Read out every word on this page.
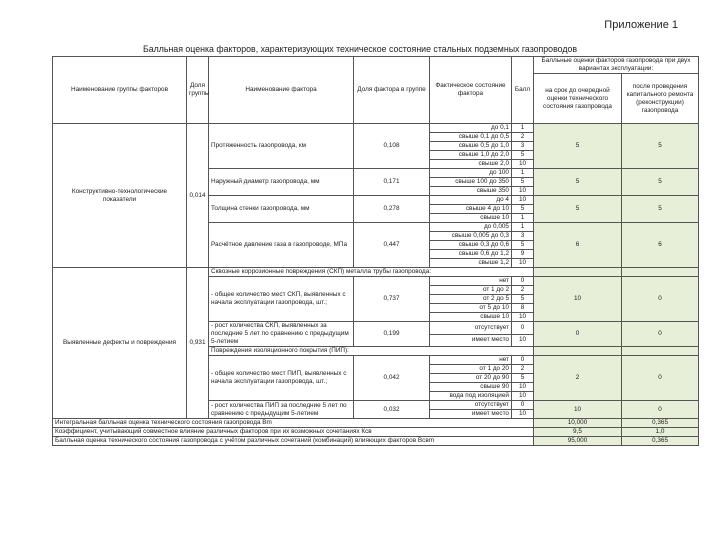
Приложение 1
Балльная оценка факторов, характеризующих техническое состояние стальных подземных газопроводов
Наименование группы факторов	Доля группы	Наименование фактора	Доля фактора в группе	Фактическое состояние фактора	Балл	Балльные оценки факторов газопровода при двух вариантах эксплуатации:	
						на срок до очередной оценки технического состояния газопровода	после проведения капитального ремонта (реконструкции) газопровода
Конструктивно-технологические показатели	0,014	Протяженность газопровода, км	0,108	до 0,1	1	5	5
				свыше 0,1 до 0,5	2		
				свыше 0,5 до 1,0	3		
				свыше 1,0 до 2,0	5		
				свыше 2,0	10		
		Наружный диаметр газопровода, мм	0,171	до 100	1	5	5
				свыше 100 до 350	5		
				свыше 350	10		
		Толщина стенки газопровода, мм	0,278	до 4	10	5	5
				свыше 4 до 10	5		
				свыше 10	1		
		Расчётное давление газа в газопроводе, МПа	0,447	до 0,005	1	6	6
				свыше 0,005 до 0,3	3		
				свыше 0,3 до 0,6	5		
				свыше 0,6 до 1,2	9		
				свыше 1,2	10		
Выявленные дефекты и повреждения	0,931	Сквозные коррозионные повреждения (СКП) металла трубы газопровода:					
		- общее количество мест СКП, выявленных с начала эксплуатации газопровода, шт.;	0,737	нет	0	10	0
				от 1 до 2	2		
				от 2 до 5	5		
				от 5 до 10	8		
				свыше 10	10		
		- рост количества СКП, выявленных за последние 5 лет по сравнению с предыдущим 5-летием	0,199	отсутствует	0	0	0
				имеет место	10		
		Повреждения изоляционного покрытия (ПИП):					
		- общее количество мест ПИП, выявленных с начала эксплуатации газопровода, шт.;	0,042	нет	0	2	0
				от 1 до 20	2		
				от 20 до 90	5		
				свыше 90	10		
				вода под изоляцией	10		
		- рост количества ПИП за последние 5 лет по сравнению с предыдущим 5-летием	0,032	отсутствует	0	10	0
				имеет место	10		
Интегральная балльная оценка технического состояния газопровода Вm						10,000	0,365
Коэффициент, учитывающий совместное влияние различных факторов при их возможных сочетаниях Ксв						9,5	1,0
Балльная оценка технического состояния газопровода с учётом различных сочетаний (комбинаций) влияющих факторов Всвm						95,000	0,365
